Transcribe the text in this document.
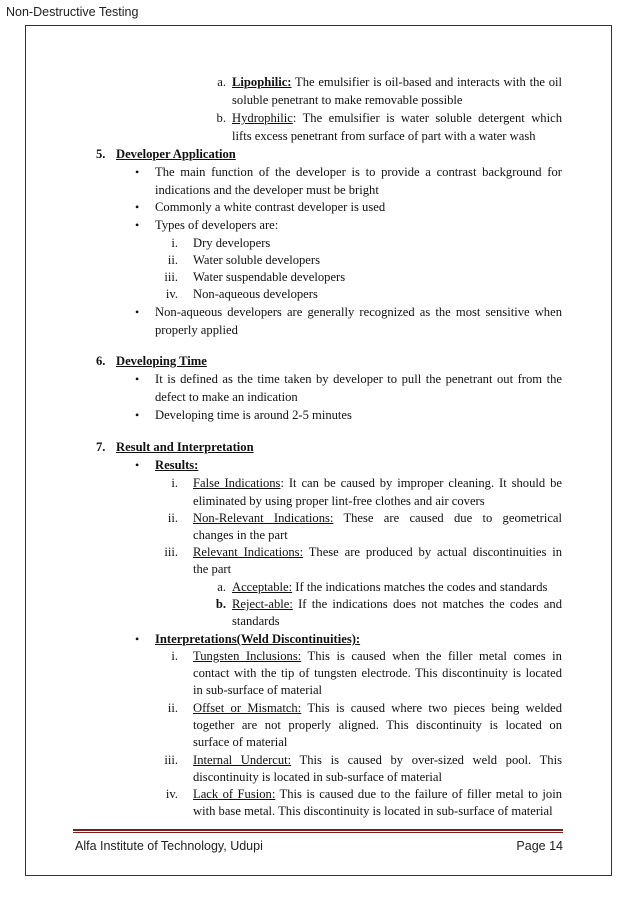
Non-Destructive Testing
a. Lipophilic: The emulsifier is oil-based and interacts with the oil
soluble penetrant to make removable possible
b. Hydrophilic: The emulsifier is water soluble detergent which
lifts excess penetrant from surface of part with a water wash
5. Developer Application
• The main function of the developer is to provide a contrast background for
indications and the developer must be bright
• Commonly a white contrast developer is used
• Types of developers are:
i. Dry developers
ii. Water soluble developers
iii. Water suspendable developers
iv. Non-aqueous developers
• Non-aqueous developers are generally recognized as the most sensitive when
properly applied
6. Developing Time
• It is defined as the time taken by developer to pull the penetrant out from the
defect to make an indication
• Developing time is around 2-5 minutes
7. Result and Interpretation
• Results:
i. False Indications: It can be caused by improper cleaning. It should be
eliminated by using proper lint-free clothes and air covers
ii. Non-Relevant Indications: These are caused due to geometrical
changes in the part
iii. Relevant Indications: These are produced by actual discontinuities in
the part
a. Acceptable: If the indications matches the codes and standards
b. Reject-able: If the indications does not matches the codes and
standards
• Interpretations(Weld Discontinuities):
i. Tungsten Inclusions: This is caused when the filler metal comes in
contact with the tip of tungsten electrode. This discontinuity is located
in sub-surface of material
ii. Offset or Mismatch: This is caused where two pieces being welded
together are not properly aligned. This discontinuity is located on
surface of material
iii. Internal Undercut: This is caused by over-sized weld pool. This
discontinuity is located in sub-surface of material
iv. Lack of Fusion: This is caused due to the failure of filler metal to join
with base metal. This discontinuity is located in sub-surface of material
Alfa Institute of Technology, Udupi	Page 14
